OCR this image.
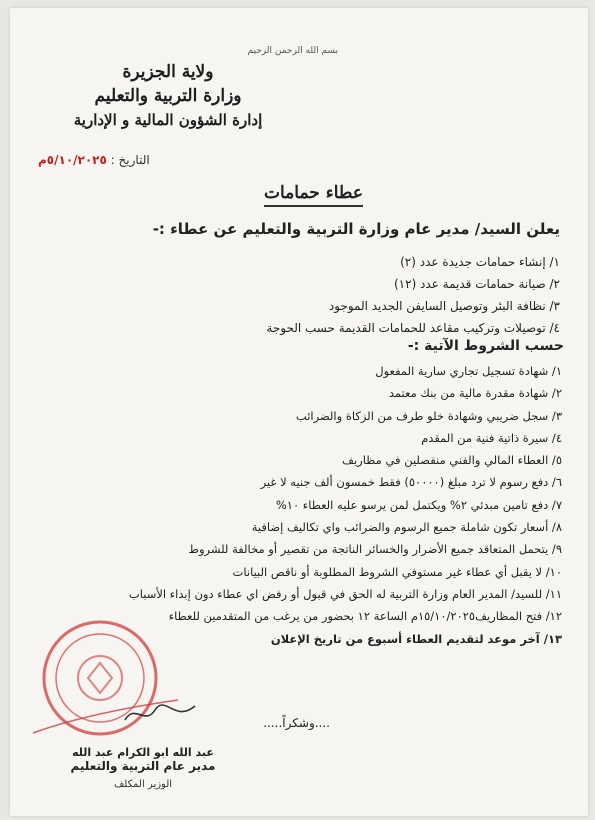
بسم الله الرحمن الرحيم
ولاية الجزيرة
وزارة التربية والتعليم
إدارة الشؤون المالية و الإدارية
التاريخ : ٥/١٠/٢٠٢٥م
عطاء حمامات
يعلن السيد/ مدير عام وزارة التربية والتعليم عن عطاء :-
١/ إنشاء حمامات جديدة عدد (٢)
٢/ صيانة حمامات قديمة عدد (١٢)
٣/ نظافة البئر وتوصيل السايفن الجديد الموجود
٤/ توصيلات وتركيب مقاعد للحمامات القديمة حسب الحوجة
حسب الشروط الآتية :-
١/ شهادة تسجيل تجاري سارية المفعول
٢/ شهادة مقدرة مالية من بنك معتمد
٣/ سجل ضريبي وشهادة خلو طرف من الزكاة والضرائب
٤/ سيرة ذاتية فنية من المقدم
٥/ العطاء المالي والفني منفصلين في مظاريف
٦/ دفع رسوم لا ترد مبلغ (٥٠٠٠٠) فقط خمسون ألف جنيه لا غير
٧/ دفع تامين مبدئي ٢% ويكتمل لمن يرسو عليه العطاء ١٠%
٨/ أسعار تكون شاملة جميع الرسوم والضرائب واي تكاليف إضافية
٩/ يتحمل المتعاقد جميع الأضرار والخسائر الناتجة من تقصير أو مخالفة للشروط
١٠/ لا يقبل أي عطاء غير مستوفي الشروط المطلوبة أو ناقص البيانات
١١/ للسيد/ المدير العام وزارة التربية له الحق في قبول أو رفض اي عطاء دون إبداء الأسباب
١٢/ فتح المظاريف١٥/١٠/٢٠٢٥م الساعة ١٢ بحضور من يرغب من المتقدمين للعطاء
١٣/ آخر موعد لتقديم العطاء أسبوع من تاريخ الإعلان
....وشكراً.....
عبد الله ابو الكرام عبد الله
مدير عام التربية والتعليم
الوزير المكلف
